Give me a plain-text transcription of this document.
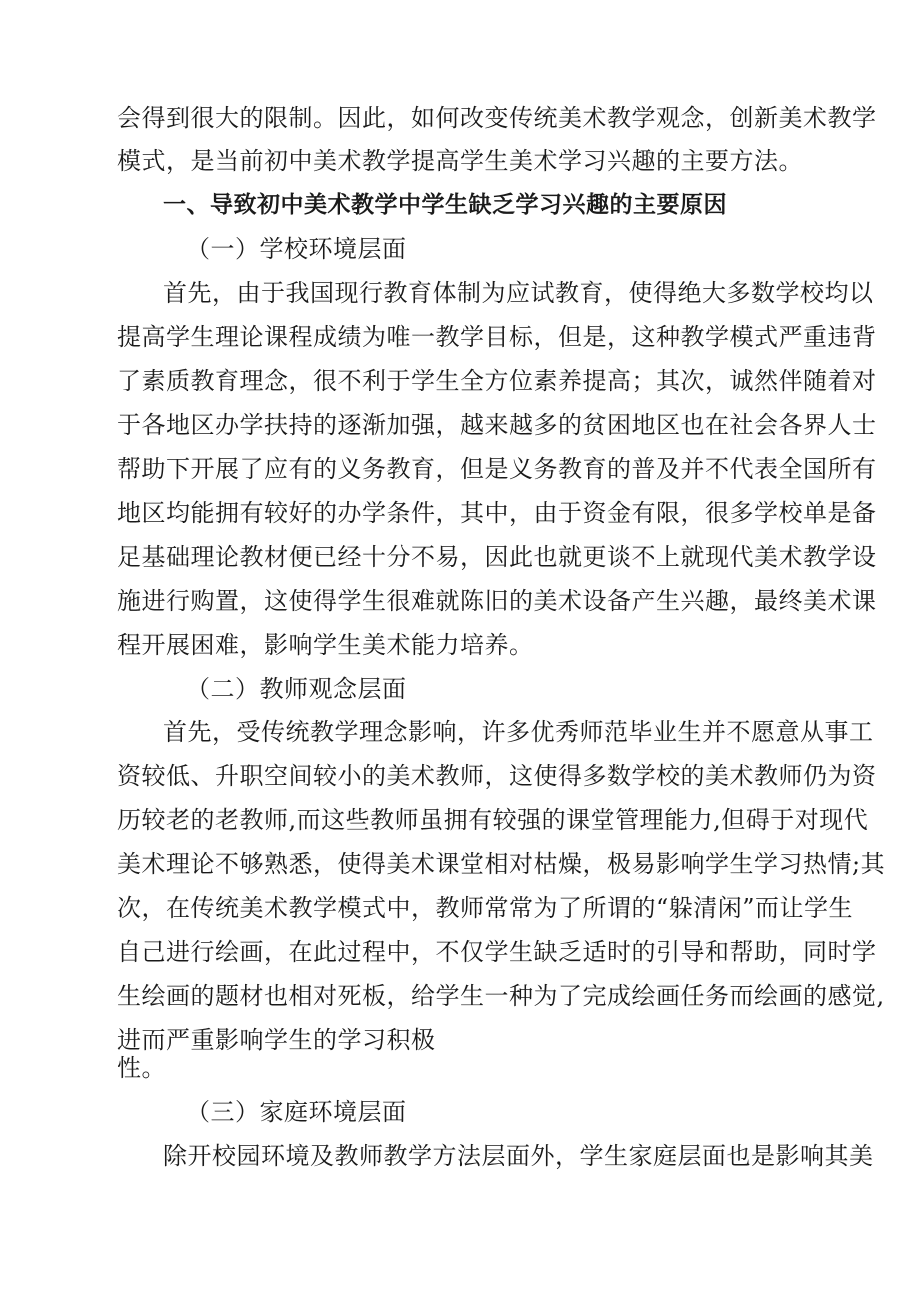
会得到很大的限制。因此，如何改变传统美术教学观念，创新美术教学
模式，是当前初中美术教学提高学生美术学习兴趣的主要方法。
一、导致初中美术教学中学生缺乏学习兴趣的主要原因
（一）学校环境层面
首先，由于我国现行教育体制为应试教育，使得绝大多数学校均以
提高学生理论课程成绩为唯一教学目标，但是，这种教学模式严重违背
了素质教育理念，很不利于学生全方位素养提高；其次，诚然伴随着对
于各地区办学扶持的逐渐加强，越来越多的贫困地区也在社会各界人士
帮助下开展了应有的义务教育，但是义务教育的普及并不代表全国所有
地区均能拥有较好的办学条件，其中，由于资金有限，很多学校单是备
足基础理论教材便已经十分不易，因此也就更谈不上就现代美术教学设
施进行购置，这使得学生很难就陈旧的美术设备产生兴趣，最终美术课
程开展困难，影响学生美术能力培养。
（二）教师观念层面
首先，受传统教学理念影响，许多优秀师范毕业生并不愿意从事工
资较低、升职空间较小的美术教师，这使得多数学校的美术教师仍为资
历较老的老教师,而这些教师虽拥有较强的课堂管理能力,但碍于对现代
美术理论不够熟悉，使得美术课堂相对枯燥，极易影响学生学习热情;其
次，在传统美术教学模式中，教师常常为了所谓的“躲清闲”而让学生
自己进行绘画，在此过程中，不仅学生缺乏适时的引导和帮助，同时学
生绘画的题材也相对死板，给学生一种为了完成绘画任务而绘画的感觉,
进而严重影响学生的学习积极
性。
（三）家庭环境层面
除开校园环境及教师教学方法层面外，学生家庭层面也是影响其美
